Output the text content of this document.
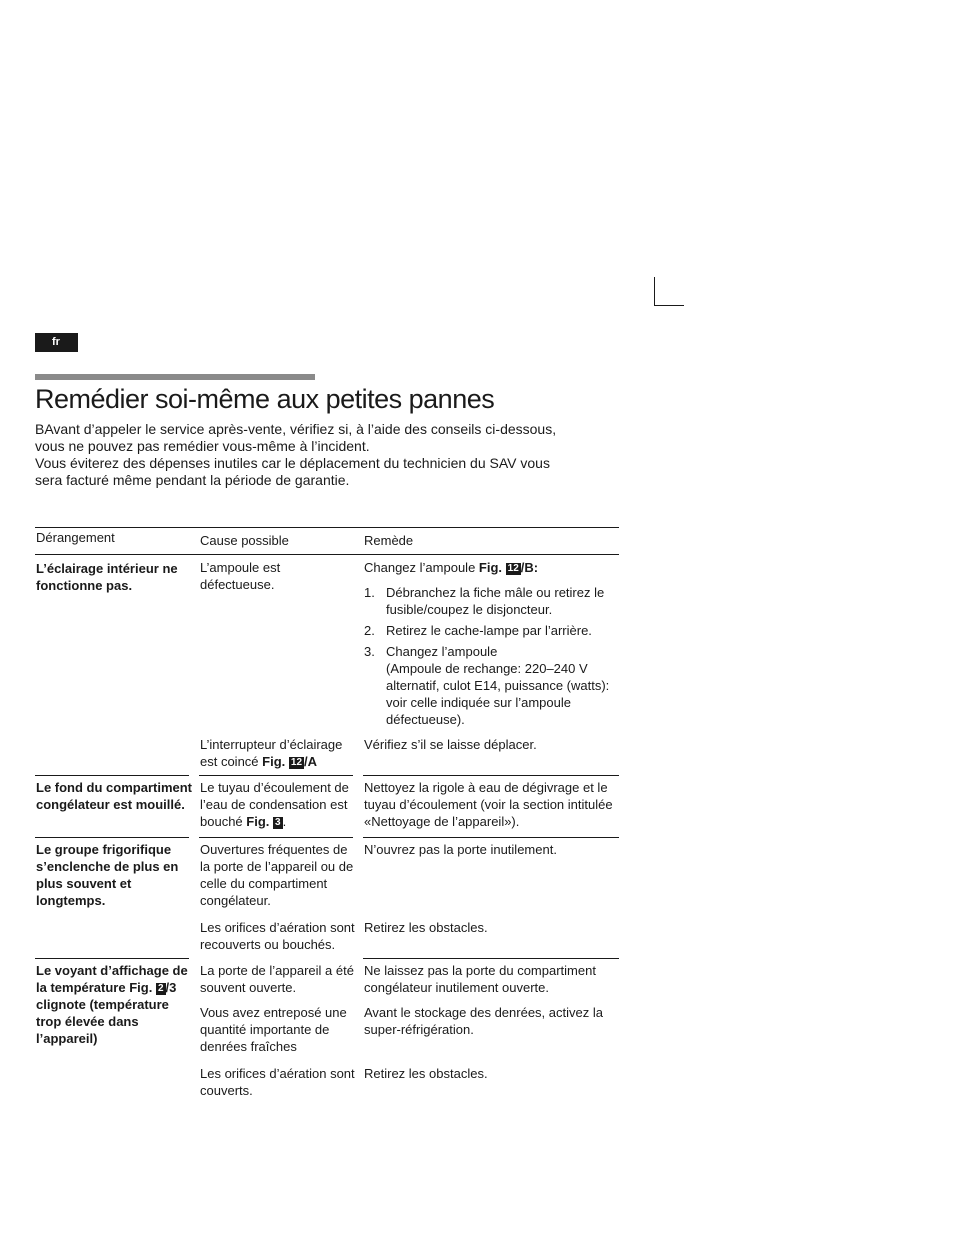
fr
Remédier soi-même aux petites pannes

BAvant d’appeler le service après-vente, vérifiez si, à l’aide des conseils ci-dessous,

vous ne pouvez pas remédier vous-même à l’incident.

Vous éviterez des dépenses inutiles car le déplacement du technicien du SAV vous

sera facturé même pendant la période de garantie.

Dérangement	Cause possible	Remède
L’éclairage intérieur ne
fonctionne pas.
L’ampoule est
défectueuse.
Changez l’ampoule Fig. 12 /B:
1. Débranchez la fiche mâle ou retirez le
fusible/coupez le disjoncteur.
2. Retirez le cache-lampe par l’arrière.
3. Changez l’ampoule
(Ampoule de rechange: 220–240 V
alternatif, culot E14, puissance (watts):
voir celle indiquée sur l’ampoule
défectueuse).
L’interrupteur d’éclairage
est coincé Fig. 12 /A
Vérifiez s’il se laisse déplacer.
Le fond du compartiment
congélateur est mouillé.
Le tuyau d’écoulement de
l’eau de condensation est
bouché Fig. 3 .
Nettoyez la rigole à eau de dégivrage et le
tuyau d’écoulement (voir la section intitulée
«Nettoyage de l’appareil»).
Le groupe frigorifique
s’enclenche de plus en
plus souvent et
longtemps.
Ouvertures fréquentes de
la porte de l’appareil ou de
celle du compartiment
congélateur.
N’ouvrez pas la porte inutilement.
Les orifices d’aération sont
recouverts ou bouchés.
Retirez les obstacles.
Le voyant d’affichage de
la température Fig. 2 /3
clignote (température
trop élevée dans
l’appareil)
La porte de l’appareil a été
souvent ouverte.
Ne laissez pas la porte du compartiment
congélateur inutilement ouverte.
Vous avez entreposé une
quantité importante de
denrées fraîches
Avant le stockage des denrées, activez la
super-réfrigération.
Les orifices d’aération sont
couverts.
Retirez les obstacles.
